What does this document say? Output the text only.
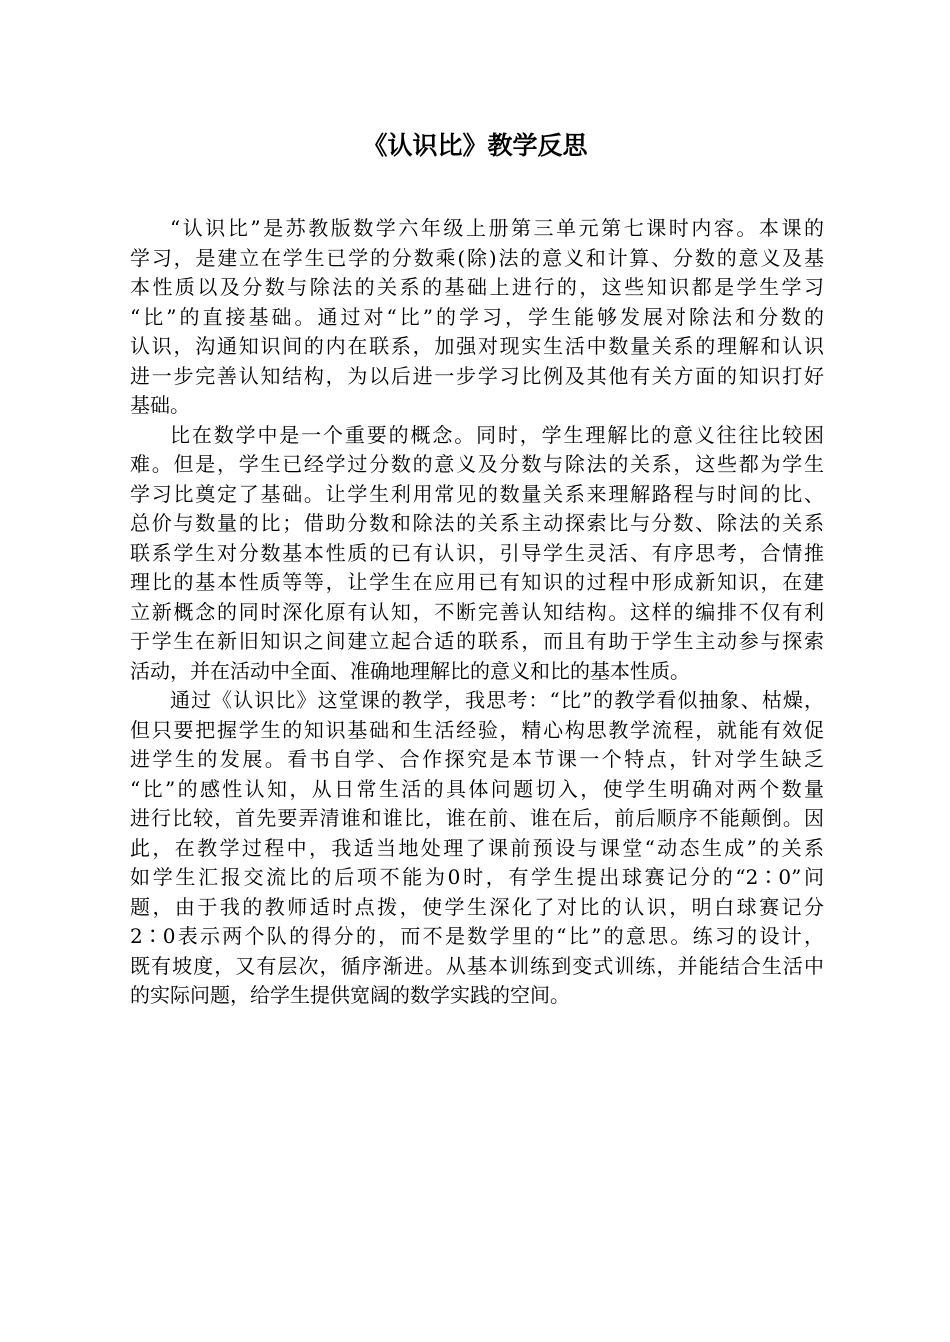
《认识比》教学反思
“认识比”是苏教版数学六年级上册第三单元第七课时内容。本课的
学习，是建立在学生已学的分数乘(除)法的意义和计算、分数的意义及基
本性质以及分数与除法的关系的基础上进行的，这些知识都是学生学习
“比”的直接基础。通过对“比”的学习，学生能够发展对除法和分数的
认识，沟通知识间的内在联系，加强对现实生活中数量关系的理解和认识
进一步完善认知结构，为以后进一步学习比例及其他有关方面的知识打好
基础。
比在数学中是一个重要的概念。同时，学生理解比的意义往往比较困
难。但是，学生已经学过分数的意义及分数与除法的关系，这些都为学生
学习比奠定了基础。让学生利用常见的数量关系来理解路程与时间的比、
总价与数量的比；借助分数和除法的关系主动探索比与分数、除法的关系
联系学生对分数基本性质的已有认识，引导学生灵活、有序思考，合情推
理比的基本性质等等，让学生在应用已有知识的过程中形成新知识，在建
立新概念的同时深化原有认知，不断完善认知结构。这样的编排不仅有利
于学生在新旧知识之间建立起合适的联系，而且有助于学生主动参与探索
活动，并在活动中全面、准确地理解比的意义和比的基本性质。
通过《认识比》这堂课的教学，我思考：“比”的教学看似抽象、枯燥，
但只要把握学生的知识基础和生活经验，精心构思教学流程，就能有效促
进学生的发展。看书自学、合作探究是本节课一个特点，针对学生缺乏
“比”的感性认知，从日常生活的具体问题切入，使学生明确对两个数量
进行比较，首先要弄清谁和谁比，谁在前、谁在后，前后顺序不能颠倒。因
此，在教学过程中，我适当地处理了课前预设与课堂“动态生成”的关系
如学生汇报交流比的后项不能为0时，有学生提出球赛记分的“2∶0”问
题，由于我的教师适时点拨，使学生深化了对比的认识，明白球赛记分
2∶0表示两个队的得分的，而不是数学里的“比”的意思。练习的设计，
既有坡度，又有层次，循序渐进。从基本训练到变式训练，并能结合生活中
的实际问题，给学生提供宽阔的数学实践的空间。
